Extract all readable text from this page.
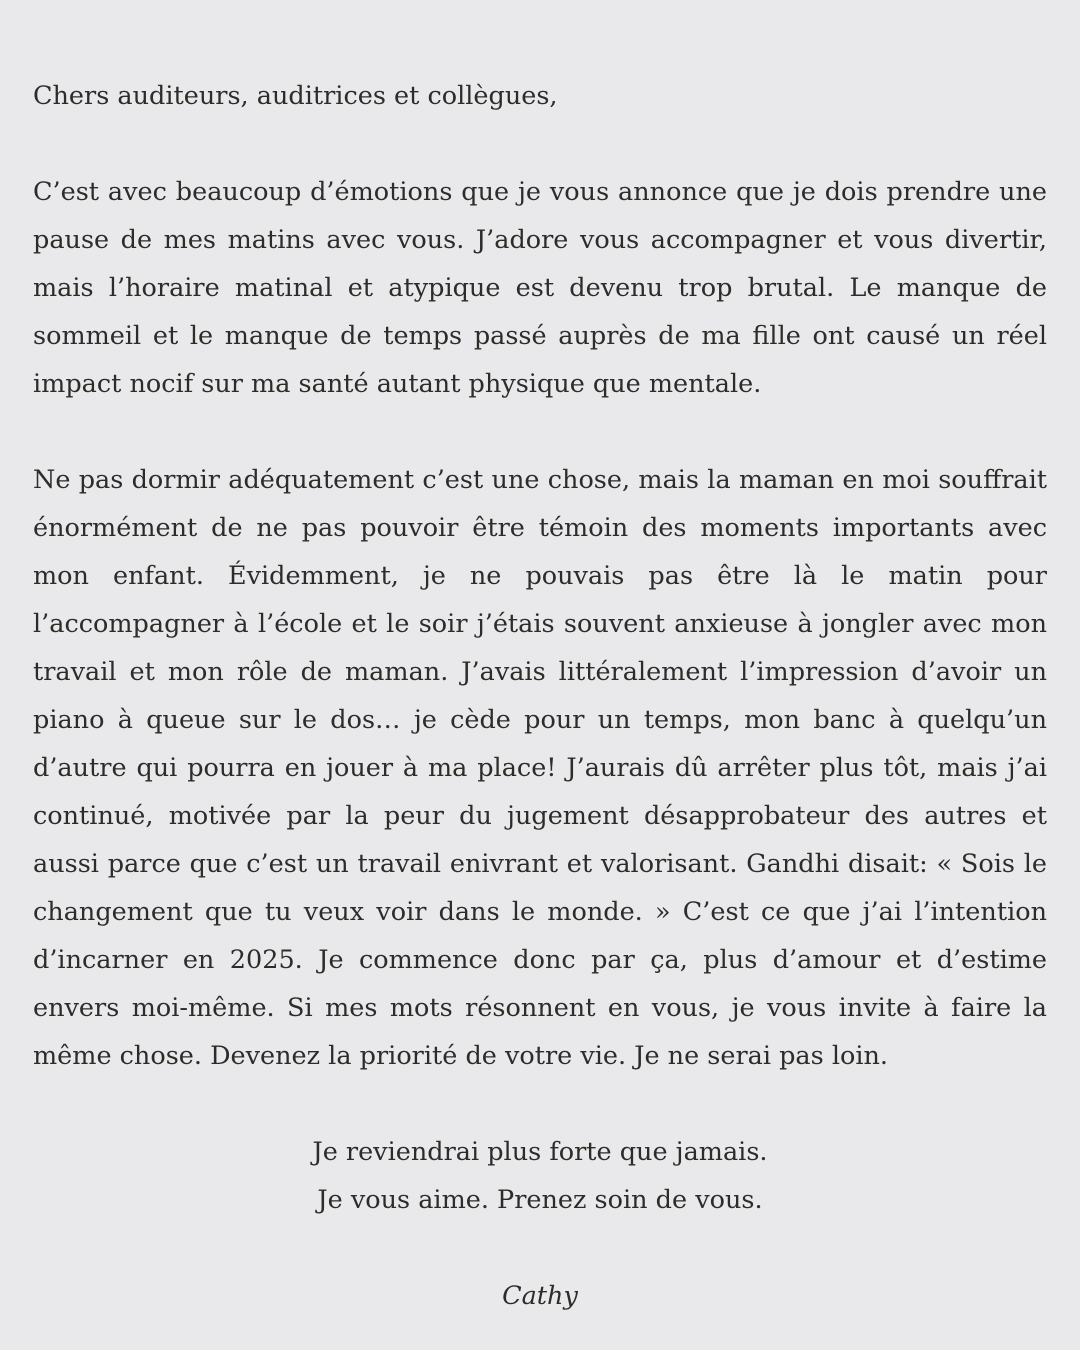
Chers auditeurs, auditrices et collègues,

C’est avec beaucoup d’émotions que je vous annonce que je dois prendre une pause de mes matins avec vous. J’adore vous accompagner et vous divertir, mais l’horaire matinal et atypique est devenu trop brutal. Le manque de sommeil et le manque de temps passé auprès de ma fille ont causé un réel impact nocif sur ma santé autant physique que mentale.

Ne pas dormir adéquatement c’est une chose, mais la maman en moi souffrait énormément de ne pas pouvoir être témoin des moments importants avec mon enfant. Évidemment, je ne pouvais pas être là le matin pour l’accompagner à l’école et le soir j’étais souvent anxieuse à jongler avec mon travail et mon rôle de maman. J’avais littéralement l’impression d’avoir un piano à queue sur le dos… je cède pour un temps, mon banc à quelqu’un d’autre qui pourra en jouer à ma place! J’aurais dû arrêter plus tôt, mais j’ai continué, motivée par la peur du jugement désapprobateur des autres et aussi parce que c’est un travail enivrant et valorisant. Gandhi disait: « Sois le changement que tu veux voir dans le monde. » C’est ce que j’ai l’intention d’incarner en 2025. Je commence donc par ça, plus d’amour et d’estime envers moi-même. Si mes mots résonnent en vous, je vous invite à faire la même chose. Devenez la priorité de votre vie. Je ne serai pas loin.

Je reviendrai plus forte que jamais.

Je vous aime. Prenez soin de vous.

Cathy
